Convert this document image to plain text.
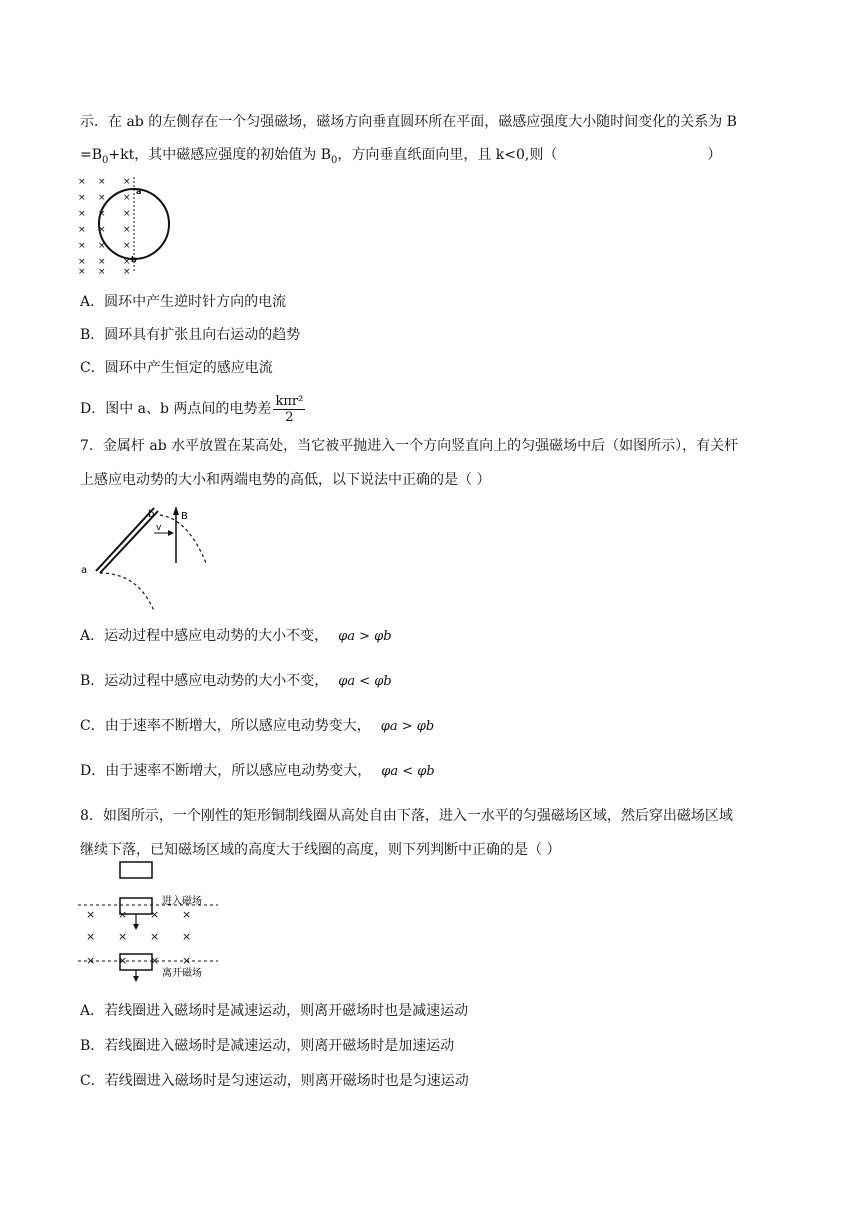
示．在 ab 的左侧存在一个匀强磁场，磁场方向垂直圆环所在平面，磁感应强度大小随时间变化的关系为 B
$=B_0+kt$，其中磁感应强度的初始值为 $B_0$，方向垂直纸面向里，且 k<0,则（	）
× × ×
× × ×
× × ×
× × ×
× × ×
× × ×
× × ×
a
b
A．圆环中产生逆时针方向的电流
B．圆环具有扩张且向右运动的趋势
C．圆环中产生恒定的感应电流
D．图中 a、b 两点间的电势差 $\frac{\text{kπr²}}{2}$
7．金属杆 ab 水平放置在某高处，当它被平抛进入一个方向竖直向上的匀强磁场中后（如图所示），有关杆
上感应电动势的大小和两端电势的高低，以下说法中正确的是（ ）
a
b	B
v
A．运动过程中感应电动势的大小不变， φa > φb
B．运动过程中感应电动势的大小不变， φa < φb
C．由于速率不断增大，所以感应电动势变大， φa > φb
D．由于速率不断增大，所以感应电动势变大， φa < φb
8．如图所示，一个刚性的矩形铜制线圈从高处自由下落，进入一水平的匀强磁场区域，然后穿出磁场区域
继续下落，已知磁场区域的高度大于线圈的高度，则下列判断中正确的是（ ）
× × × ×
× × × ×
× × × ×
进入磁场
离开磁场
A．若线圈进入磁场时是减速运动，则离开磁场时也是减速运动
B．若线圈进入磁场时是减速运动，则离开磁场时是加速运动
C．若线圈进入磁场时是匀速运动，则离开磁场时也是匀速运动
